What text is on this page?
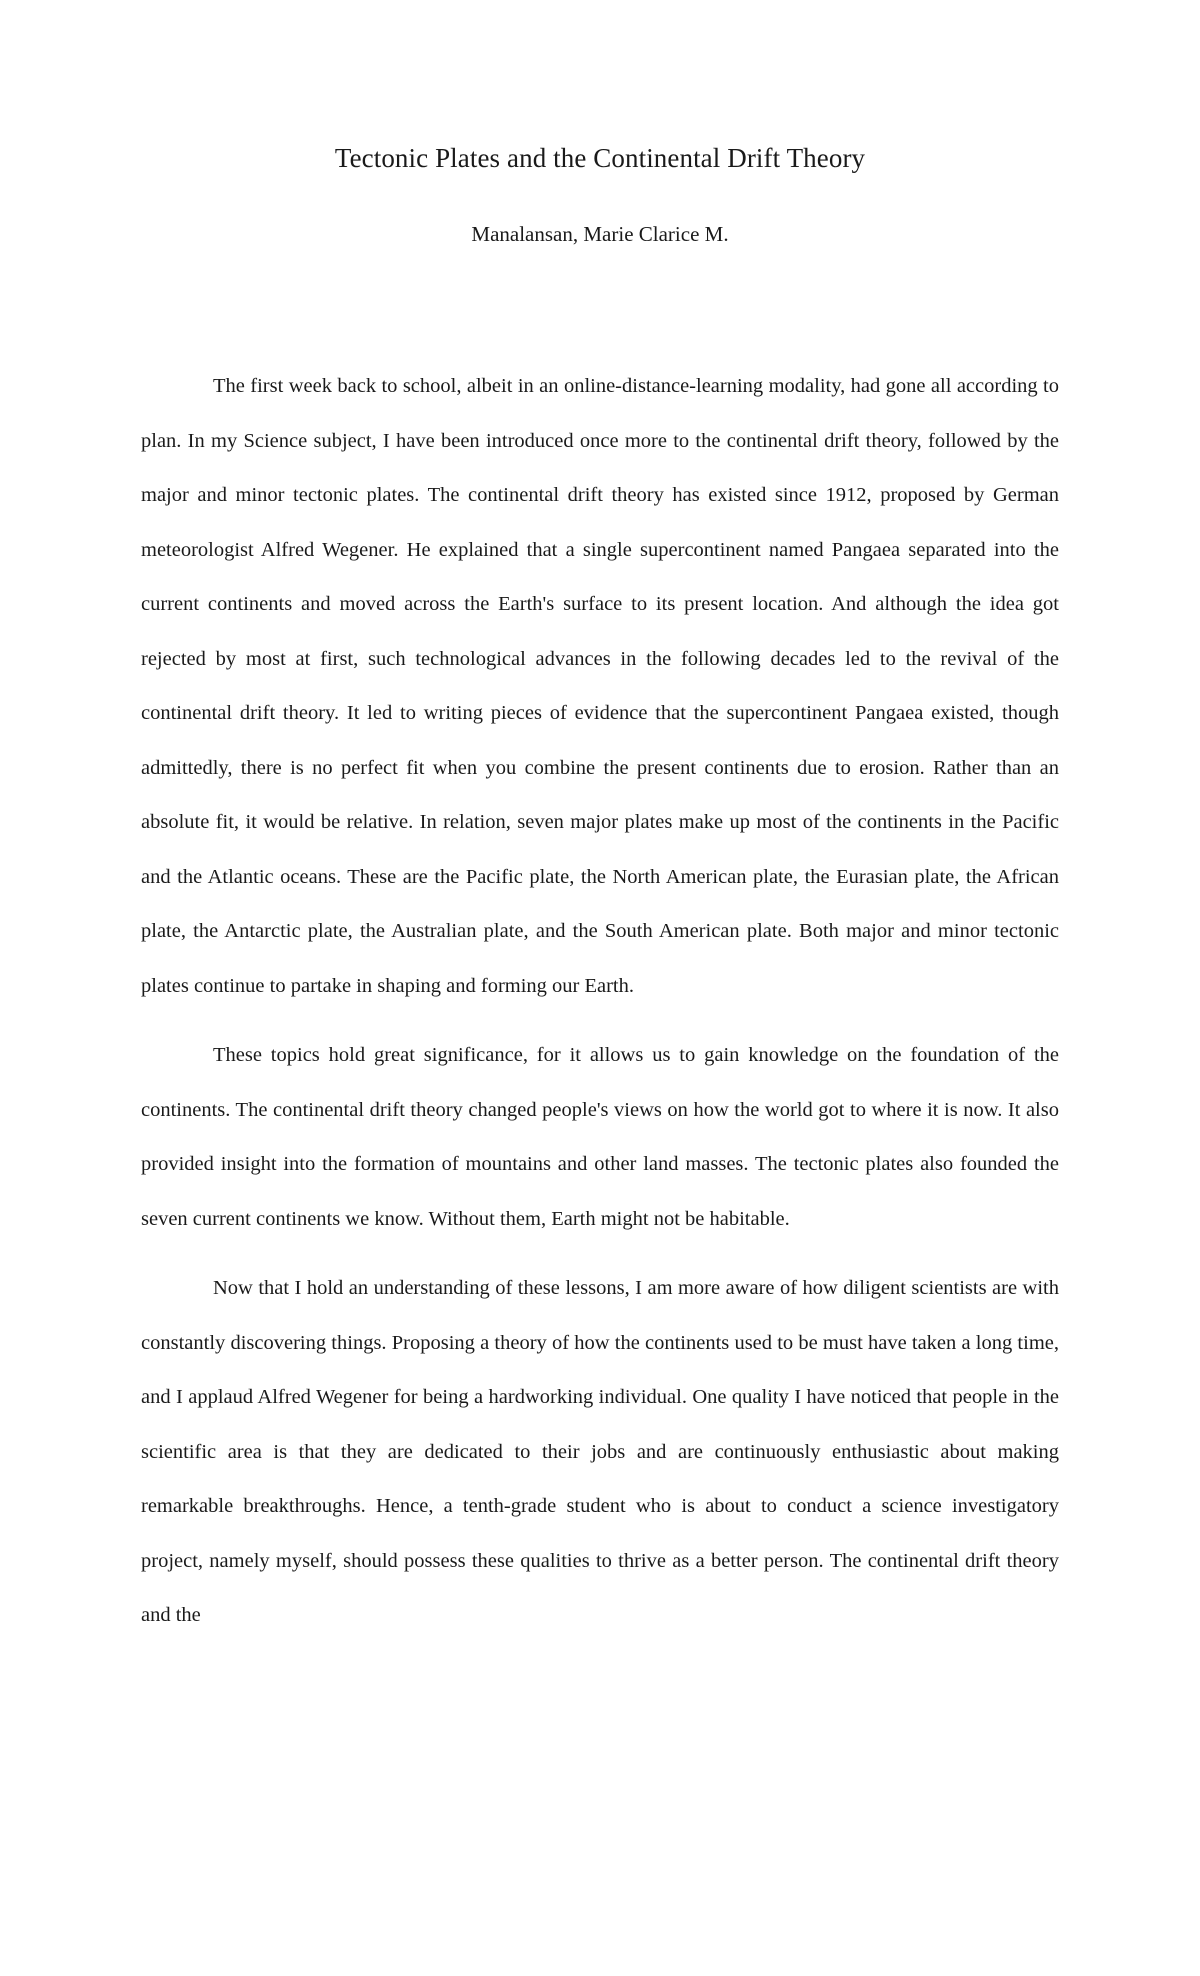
Tectonic Plates and the Continental Drift Theory

Manalansan, Marie Clarice M.

The first week back to school, albeit in an online-distance-learning modality, had gone all according to plan. In my Science subject, I have been introduced once more to the continental drift theory, followed by the major and minor tectonic plates. The continental drift theory has existed since 1912, proposed by German meteorologist Alfred Wegener. He explained that a single supercontinent named Pangaea separated into the current continents and moved across the Earth's surface to its present location. And although the idea got rejected by most at first, such technological advances in the following decades led to the revival of the continental drift theory. It led to writing pieces of evidence that the supercontinent Pangaea existed, though admittedly, there is no perfect fit when you combine the present continents due to erosion. Rather than an absolute fit, it would be relative. In relation, seven major plates make up most of the continents in the Pacific and the Atlantic oceans. These are the Pacific plate, the North American plate, the Eurasian plate, the African plate, the Antarctic plate, the Australian plate, and the South American plate. Both major and minor tectonic plates continue to partake in shaping and forming our Earth.

These topics hold great significance, for it allows us to gain knowledge on the foundation of the continents. The continental drift theory changed people's views on how the world got to where it is now. It also provided insight into the formation of mountains and other land masses. The tectonic plates also founded the seven current continents we know. Without them, Earth might not be habitable.

Now that I hold an understanding of these lessons, I am more aware of how diligent scientists are with constantly discovering things. Proposing a theory of how the continents used to be must have taken a long time, and I applaud Alfred Wegener for being a hardworking individual. One quality I have noticed that people in the scientific area is that they are dedicated to their jobs and are continuously enthusiastic about making remarkable breakthroughs. Hence, a tenth-grade student who is about to conduct a science investigatory project, namely myself, should possess these qualities to thrive as a better person. The continental drift theory and the
